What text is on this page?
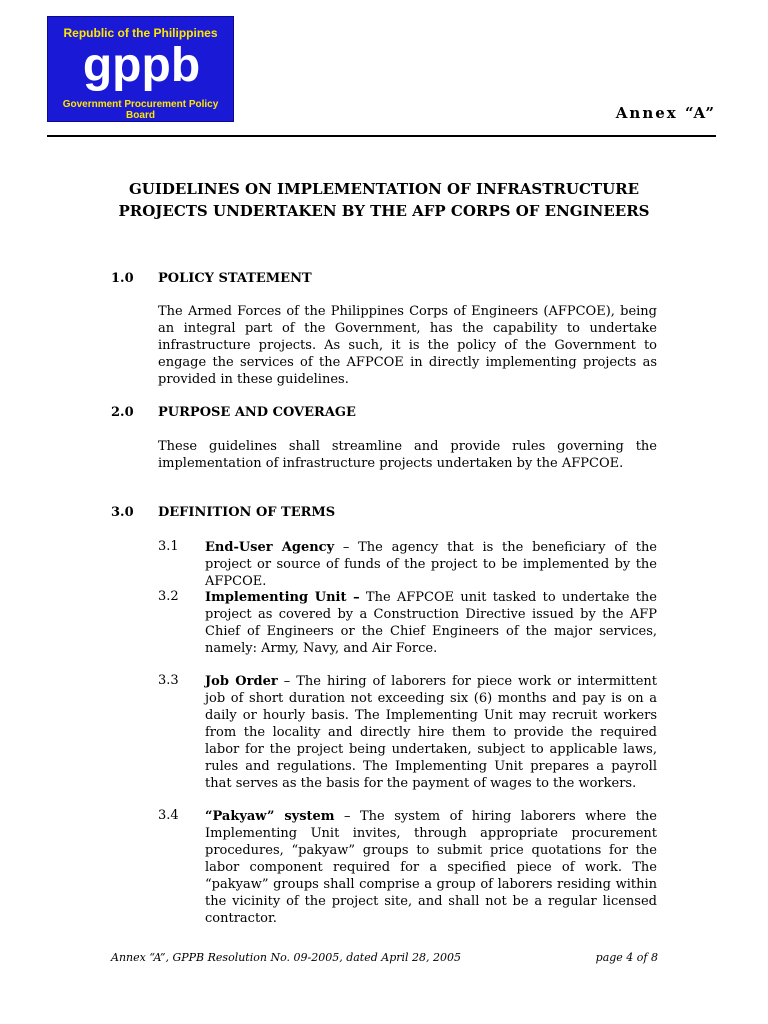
Republic of the Philippines
gppb
Government Procurement Policy Board	Annex “A”
GUIDELINES ON IMPLEMENTATION OF INFRASTRUCTURE PROJECTS UNDERTAKEN BY THE AFP CORPS OF ENGINEERS
1.0 POLICY STATEMENT
The Armed Forces of the Philippines Corps of Engineers (AFPCOE), being an integral part of the Government, has the capability to undertake infrastructure projects. As such, it is the policy of the Government to engage the services of the AFPCOE in directly implementing projects as provided in these guidelines.
2.0 PURPOSE AND COVERAGE
These guidelines shall streamline and provide rules governing the implementation of infrastructure projects undertaken by the AFPCOE.
3.0 DEFINITION OF TERMS
3.1 End-User Agency – The agency that is the beneficiary of the project or source of funds of the project to be implemented by the AFPCOE.
3.2 Implementing Unit – The AFPCOE unit tasked to undertake the project as covered by a Construction Directive issued by the AFP Chief of Engineers or the Chief Engineers of the major services, namely: Army, Navy, and Air Force.
3.3 Job Order – The hiring of laborers for piece work or intermittent job of short duration not exceeding six (6) months and pay is on a daily or hourly basis. The Implementing Unit may recruit workers from the locality and directly hire them to provide the required labor for the project being undertaken, subject to applicable laws, rules and regulations. The Implementing Unit prepares a payroll that serves as the basis for the payment of wages to the workers.
3.4 “Pakyaw” system – The system of hiring laborers where the Implementing Unit invites, through appropriate procurement procedures, “pakyaw” groups to submit price quotations for the labor component required for a specified piece of work. The “pakyaw” groups shall comprise a group of laborers residing within the vicinity of the project site, and shall not be a regular licensed contractor.
Annex “A”, GPPB Resolution No. 09-2005, dated April 28, 2005	page 4 of 8
